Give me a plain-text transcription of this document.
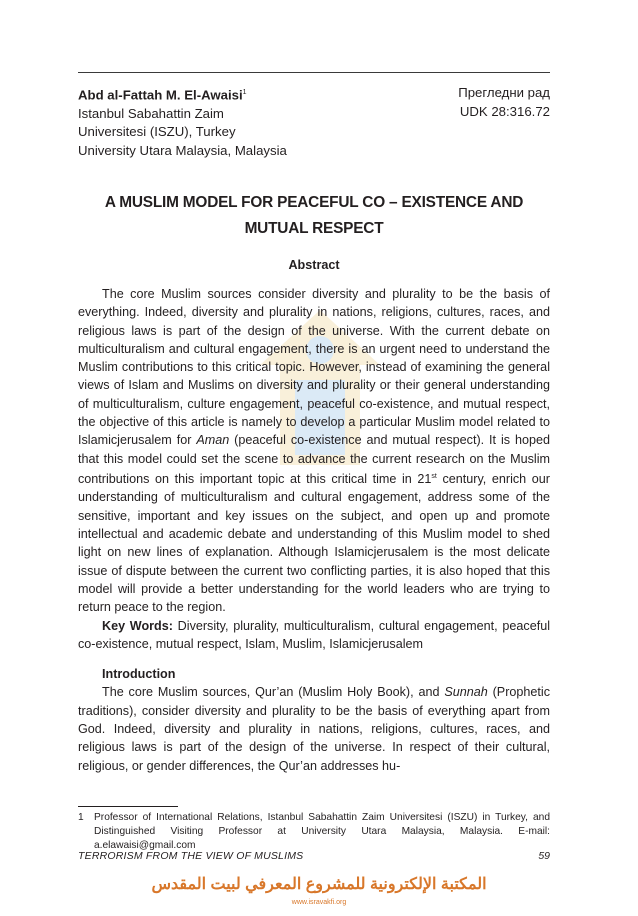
Abd al-Fattah M. El-Awaisi$^1$
Istanbul Sabahattin Zaim
Universitesi (ISZU), Turkey
University Utara Malaysia, Malaysia
Прегледни рад
UDK 28:316.72
A MUSLIM MODEL FOR PEACEFUL CO – EXISTENCE AND
MUTUAL RESPECT
Abstract

The core Muslim sources consider diversity and plurality to be the basis of everything. Indeed, diversity and plurality in nations, religions, cultures, races, and religious laws is part of the design of the universe. With the current debate on multiculturalism and cultural engagement, there is an urgent need to understand the Muslim contributions to this critical topic. However, instead of examining the general views of Islam and Muslims on diversity and plurality or their general understanding of multiculturalism, culture engagement, peaceful co-existence, and mutual respect, the objective of this article is namely to develop a particular Muslim model related to Islamicjerusalem for Aman (peaceful co-existence and mutual respect). It is hoped that this model could set the scene to advance the current research on the Muslim contributions on this important topic at this critical time in 21st century, enrich our understanding of multiculturalism and cultural engagement, address some of the sensitive, important and key issues on the subject, and open up and promote intellectual and academic debate and understanding of this Muslim model to shed light on new lines of explanation. Although Islamicjerusalem is the most delicate issue of dispute between the current two conflicting parties, it is also hoped that this model will provide a better understanding for the world leaders who are trying to return peace to the region.

Key Words: Diversity, plurality, multiculturalism, cultural engagement, peaceful co-existence, mutual respect, Islam, Muslim, Islamicjerusalem

Introduction

The core Muslim sources, Qur’an (Muslim Holy Book), and Sunnah (Prophetic traditions), consider diversity and plurality to be the basis of everything apart from God. Indeed, diversity and plurality in nations, religions, cultures, races, and religious laws is part of the design of the universe. In respect of their cultural, religious, or gender differences, the Qur’an addresses hu-

1 Professor of International Relations, Istanbul Sabahattin Zaim Universitesi (ISZU) in Turkey, and Distinguished Visiting Professor at University Utara Malaysia, Malaysia. E-mail: a.elawaisi@gmail.com
TERRORISM FROM THE VIEW OF MUSLIMS	59
المكتبة الإلكترونية للمشروع المعرفي لبيت المقدس
www.isravakfi.org
